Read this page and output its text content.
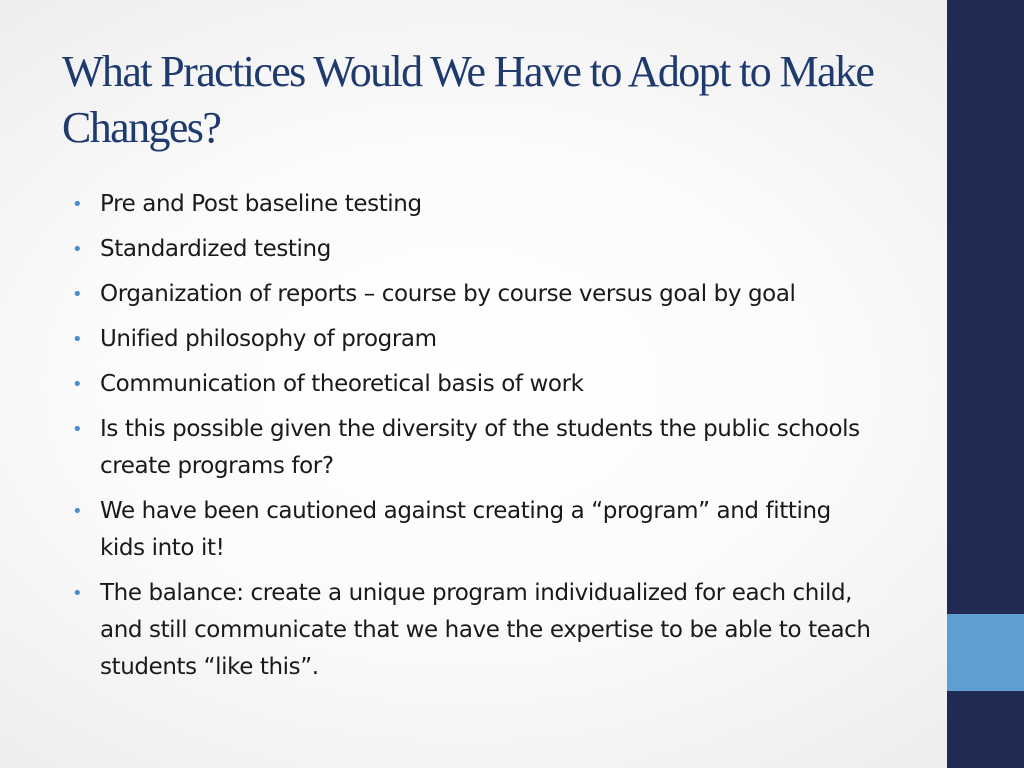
What Practices Would We Have to Adopt to Make Changes?
• Pre and Post baseline testing
• Standardized testing
• Organization of reports – course by course versus goal by goal
• Unified philosophy of program
• Communication of theoretical basis of work
• Is this possible given the diversity of the students the public schools create programs for?
• We have been cautioned against creating a “program” and fitting kids into it!
• The balance: create a unique program individualized for each child, and still communicate that we have the expertise to be able to teach students “like this”.
